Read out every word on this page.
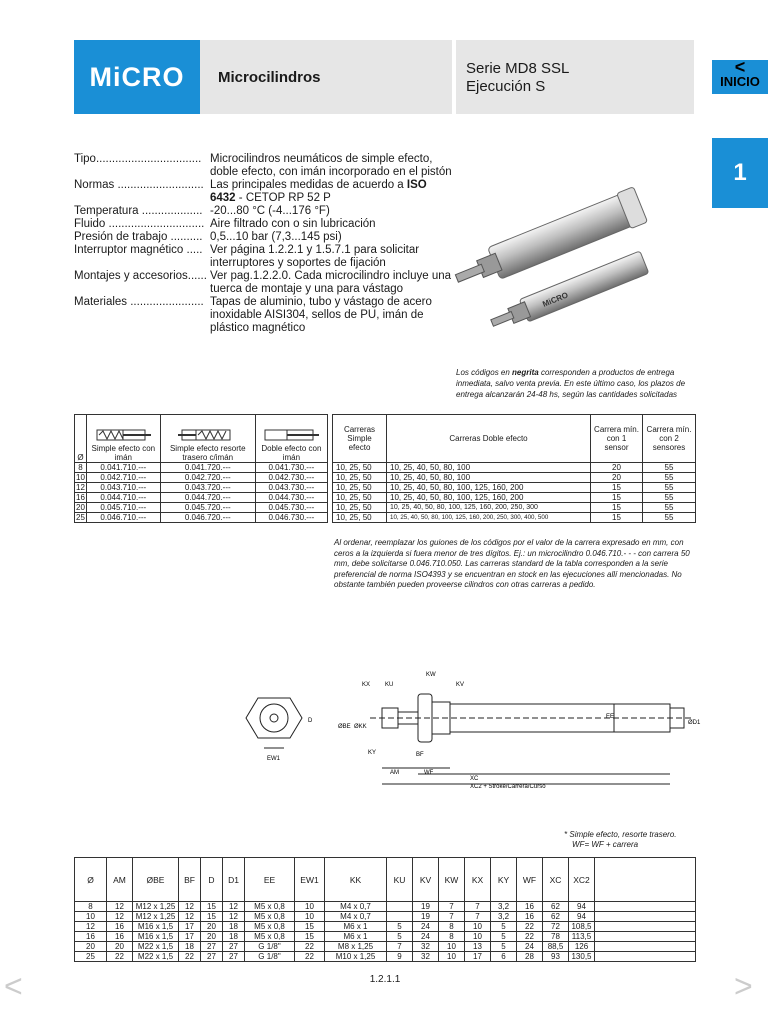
MiCRO	Microcilindros	Serie MD8 SSL
Ejecución S
<
INICIO
1
Tipo................................. Microcilindros neumáticos de simple efecto, doble efecto, con imán incorporado en el pistón
Normas ........................... Las principales medidas de acuerdo a ISO 6432 - CETOP RP 52 P
Temperatura ................... -20...80 °C (-4...176 °F)
Fluido .............................. Aire filtrado con o sin lubricación
Presión de trabajo .......... 0,5...10 bar (7,3...145 psi)
Interruptor magnético ..... Ver página 1.2.2.1 y 1.5.7.1 para solicitar interruptores y soportes de fijación
Montajes y accesorios...... Ver pag.1.2.2.0. Cada microcilindro incluye una tuerca de montaje y una para vástago
Materiales ....................... Tapas de aluminio, tubo y vástago de acero inoxidable AISI304, sellos de PU, imán de plástico magnético
MiCRO
Los códigos en negrita corresponden a productos de entrega inmediata, salvo venta previa. En este último caso, los plazos de entrega alcanzarán 24-48 hs, según las cantidades solicitadas
Ø	Simple efecto con imán	Simple efecto resorte trasero c/imán	Doble efecto con imán
8	0.041.710.---	0.041.720.---	0.041.730.---
10	0.042.710.---	0.042.720.---	0.042.730.---
12	0.043.710.---	0.043.720.---	0.043.730.---
16	0.044.710.---	0.044.720.---	0.044.730.---
20	0.045.710.---	0.045.720.---	0.045.730.---
25	0.046.710.---	0.046.720.---	0.046.730.---
Carreras Simple efecto	Carreras Doble efecto	Carrera mín. con 1 sensor	Carrera mín. con 2 sensores
10, 25, 50	10, 25, 40, 50, 80, 100	20	55
10, 25, 50	10, 25, 40, 50, 80, 100	20	55
10, 25, 50	10, 25, 40, 50, 80, 100, 125, 160, 200	15	55
10, 25, 50	10, 25, 40, 50, 80, 100, 125, 160, 200	15	55
10, 25, 50	10, 25, 40, 50, 80, 100, 125, 160, 200, 250, 300	15	55
10, 25, 50	10, 25, 40, 50, 80, 100, 125, 160, 200, 250, 300, 400, 500	15	55
Al ordenar, reemplazar los guiones de los códigos por el valor de la carrera expresado en mm, con ceros a la izquierda si fuera menor de tres dígitos. Ej.: un microcilindro 0.046.710.- - - con carrera 50 mm, debe solicitarse 0.046.710.050. Las carreras standard de la tabla corresponden a la serie preferencial de norma ISO4393 y se encuentran en stock en las ejecuciones allí mencionadas. No obstante también pueden proveerse cilindros con otras carreras a pedido.
EW1
D
KX KU
KW
KV
ØBE ØKK
KY	BF
AM	WF
XC
XC2 + Stroke/Carrera/Curso
EE
ØD1
* Simple efecto, resorte trasero.
WF= WF + carrera
Ø	AM	ØBE	BF	D	D1	EE	EW1	KK	KU	KV	KW	KX	KY	WF	XC	XC2	
8	12	M12 x 1,25	12	15	12	M5 x 0,8	10	M4 x 0,7		19	7	7	3,2	16	62	94	
10	12	M12 x 1,25	12	15	12	M5 x 0,8	10	M4 x 0,7		19	7	7	3,2	16	62	94	
12	16	M16 x 1,5	17	20	18	M5 x 0,8	15	M6 x 1	5	24	8	10	5	22	72	108,5	
16	16	M16 x 1,5	17	20	18	M5 x 0,8	15	M6 x 1	5	24	8	10	5	22	78	113,5	
20	20	M22 x 1,5	18	27	27	G 1/8"	22	M8 x 1,25	7	32	10	13	5	24	88,5	126	
25	22	M22 x 1,5	22	27	27	G 1/8"	22	M10 x 1,25	9	32	10	17	6	28	93	130,5	
1.2.1.1
<	>
